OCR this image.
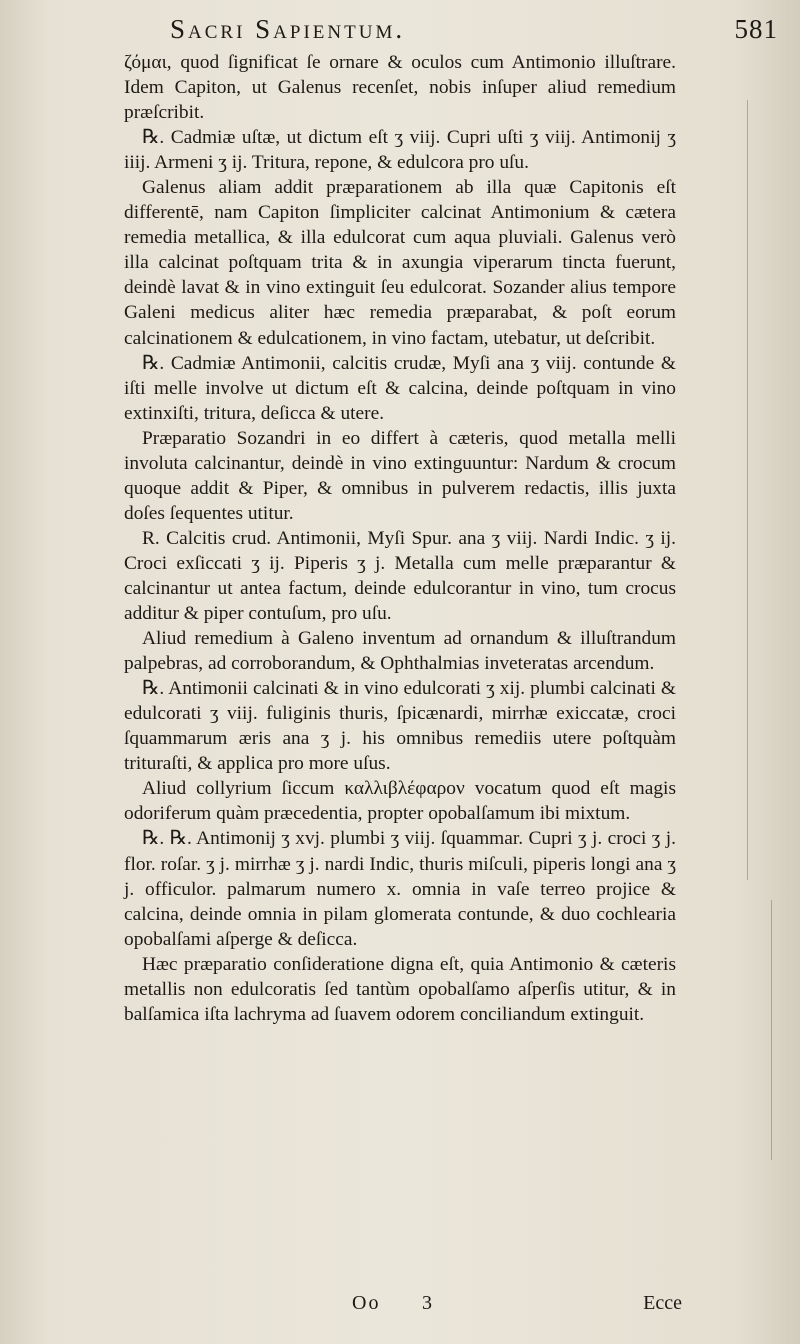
Sacri Sapientum.	581

ζόμαι, quod ſignificat ſe ornare & oculos cum Antimonio illuſtrare. Idem Capiton, ut Galenus recenſet, nobis inſuper aliud remedium præſcribit.

℞. Cadmiæ uſtæ, ut dictum eſt ʒ viij. Cupri uſti ʒ viij. Antimonij ʒ iiij. Armeni ʒ ij. Tritura, repone, & edulcora pro uſu.

Galenus aliam addit præparationem ab illa quæ Capitonis eſt differentē, nam Capiton ſimpliciter calcinat Antimonium & cætera remedia metallica, & illa edulcorat cum aqua pluviali. Galenus verò illa calcinat poſtquam trita & in axungia viperarum tincta fuerunt, deindè lavat & in vino extinguit ſeu edulcorat. Sozander alius tempore Galeni medicus aliter hæc remedia præparabat, & poſt eorum calcinationem & edulcationem, in vino factam, utebatur, ut deſcribit.

℞. Cadmiæ Antimonii, calcitis crudæ, Myſi ana ʒ viij. contunde & iſti melle involve ut dictum eſt & calcina, deinde poſtquam in vino extinxiſti, tritura, deſicca & utere.

Præparatio Sozandri in eo differt à cæteris, quod metalla melli involuta calcinantur, deindè in vino extinguuntur: Nardum & crocum quoque addit & Piper, & omnibus in pulverem redactis, illis juxta doſes ſequentes utitur.

R. Calcitis crud. Antimonii, Myſi Spur. ana ʒ viij. Nardi Indic. ʒ ij. Croci exſiccati ʒ ij. Piperis ʒ j. Metalla cum melle præparantur & calcinantur ut antea factum, deinde edulcorantur in vino, tum crocus additur & piper contuſum, pro uſu.

Aliud remedium à Galeno inventum ad ornandum & illuſtrandum palpebras, ad corroborandum, & Ophthalmias inveteratas arcendum.

℞. Antimonii calcinati & in vino edulcorati ʒ xij. plumbi calcinati & edulcorati ʒ viij. fuliginis thuris, ſpicænardi, mirrhæ exiccatæ, croci ſquammarum æris ana ʒ j. his omnibus remediis utere poſtquàm trituraſti, & applica pro more uſus.

Aliud collyrium ſiccum καλλιβλέφαρον vocatum quod eſt magis odoriferum quàm præcedentia, propter opobalſamum ibi mixtum.

℞. ℞. Antimonij ʒ xvj. plumbi ʒ viij. ſquammar. Cupri ʒ j. croci ʒ j. flor. roſar. ʒ j. mirrhæ ʒ j. nardi Indic, thuris miſculi, piperis longi ana ʒ j. officulor. palmarum numero x. omnia in vaſe terreo projice & calcina, deinde omnia in pilam glomerata contunde, & duo cochlearia opobalſami aſperge & deſicca.

Hæc præparatio conſideratione digna eſt, quia Antimonio & cæteris metallis non edulcoratis ſed tantùm opobalſamo aſperſis utitur, & in balſamica iſta lachryma ad ſuavem odorem conciliandum extinguit.

Oo 3	Ecce
